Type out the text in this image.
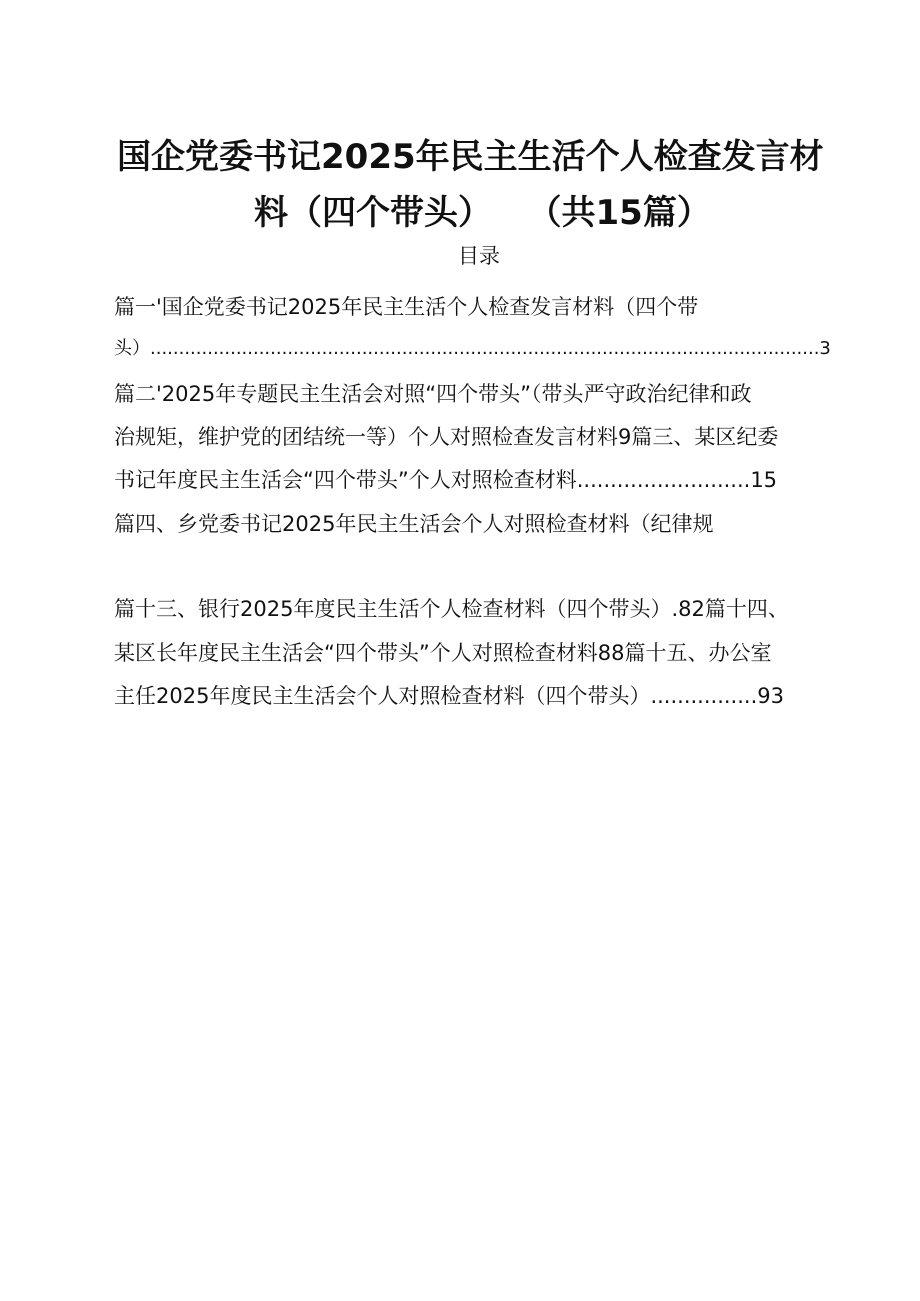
国企党委书记2025年民主生活个人检查发言材
料（四个带头）   （共15篇）
目录
篇一'国企党委书记2025年民主生活个人检查发言材料（四个带
头）.....................................................................................................................3
篇二'2025年专题民主生活会对照“四个带头”（带头严守政治纪律和政
治规矩，维护党的团结统一等）个人对照检查发言材料9篇三、某区纪委
书记年度民主生活会“四个带头”个人对照检查材料..........................15
篇四、乡党委书记2025年民主生活会个人对照检查材料（纪律规
篇十三、银行2025年度民主生活个人检查材料（四个带头）.82篇十四、
某区长年度民主生活会“四个带头”个人对照检查材料88篇十五、办公室
主任2025年度民主生活会个人对照检查材料（四个带头）................93
